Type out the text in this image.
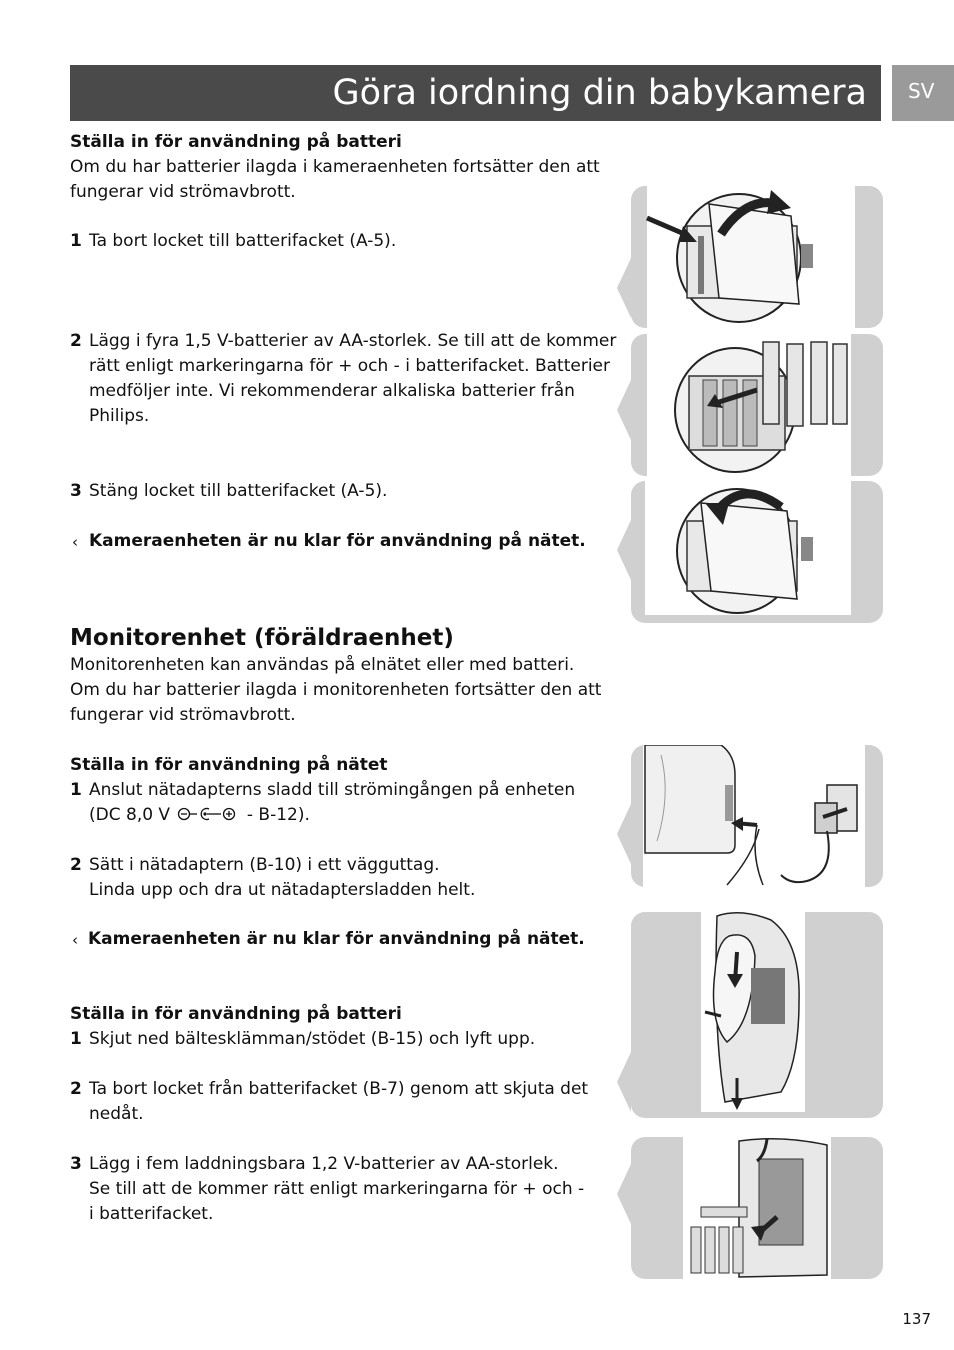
Göra iordning din babykamera SV
Ställa in för användning på batteri
Om du har batterier ilagda i kameraenheten fortsätter den att
fungerar vid strömavbrott.
1 Ta bort locket till batterifacket (A-5).
2 Lägg i fyra 1,5 V-batterier av AA-storlek. Se till att de kommer
rätt enligt markeringarna för + och - i batterifacket. Batterier
medföljer inte. Vi rekommenderar alkaliska batterier från
Philips.
3 Stäng locket till batterifacket (A-5).
‹ Kameraenheten är nu klar för användning på nätet.
Monitorenhet (föräldraenhet)
Monitorenheten kan användas på elnätet eller med batteri.
Om du har batterier ilagda i monitorenheten fortsätter den att
fungerar vid strömavbrott.
Ställa in för användning på nätet
1 Anslut nätadapterns sladd till strömingången på enheten
(DC 8,0 V	- B-12).
2 Sätt i nätadaptern (B-10) i ett vägguttag.
Linda upp och dra ut nätadaptersladden helt.
‹ Kameraenheten är nu klar för användning på nätet.
Ställa in för användning på batteri
1 Skjut ned bältesklämman/stödet (B-15) och lyft upp.
2 Ta bort locket från batterifacket (B-7) genom att skjuta det
nedåt.
3 Lägg i fem laddningsbara 1,2 V-batterier av AA-storlek.
Se till att de kommer rätt enligt markeringarna för + och -
i batterifacket.
137
